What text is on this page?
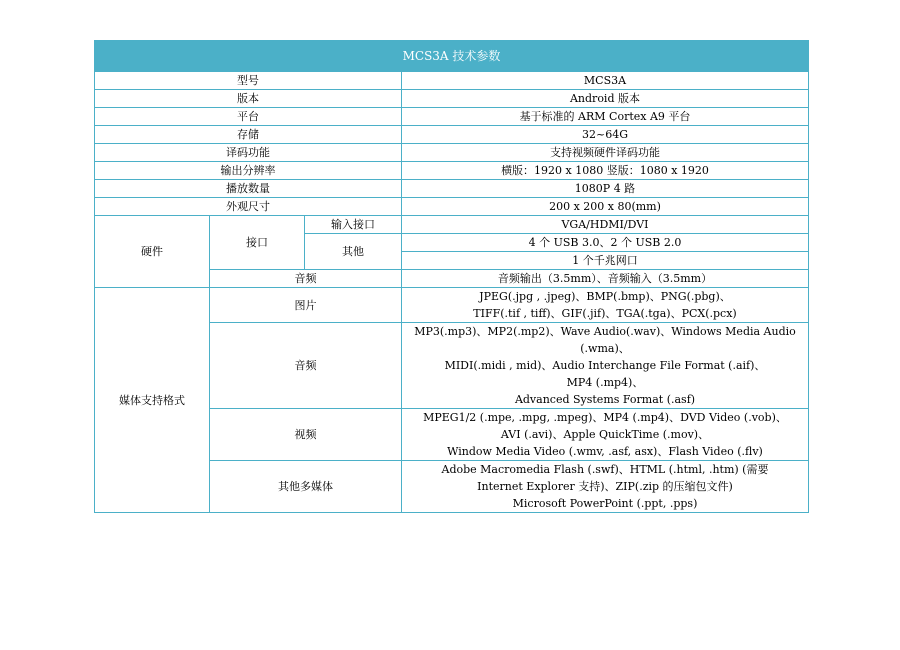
MCS3A 技术参数			
型号			MCS3A
版本			Android 版本
平台			基于标准的 ARM Cortex A9 平台
存储			32~64G
译码功能			支持视频硬件译码功能
输出分辨率			横版：1920 x 1080 竖版：1080 x 1920
播放数量			1080P 4 路
外观尺寸			200 x 200 x 80(mm)
硬件	接口	输入接口	VGA/HDMI/DVI
		其他	4 个 USB 3.0、2 个 USB 2.0
			1 个千兆网口
	音频		音频输出（3.5mm）、音频输入（3.5mm）
媒体支持格式	图片		JPEG(.jpg , .jpeg)、BMP(.bmp)、PNG(.pbg)、
TIFF(.tif , tiff)、GIF(.jif)、TGA(.tga)、PCX(.pcx)

	音频		MP3(.mp3)、MP2(.mp2)、Wave Audio(.wav)、Windows Media Audio
(.wma)、
MIDI(.midi , mid)、Audio Interchange File Format (.aif)、
MP4 (.mp4)、
Advanced Systems Format (.asf)

	视频		MPEG1/2 (.mpe, .mpg, .mpeg)、MP4 (.mp4)、DVD Video (.vob)、
AVI (.avi)、Apple QuickTime (.mov)、
Window Media Video (.wmv, .asf, asx)、Flash Video (.flv)

	其他多媒体		Adobe Macromedia Flash (.swf)、HTML (.html, .htm) (需要
Internet Explorer 支持)、ZIP(.zip 的压缩包文件)
Microsoft PowerPoint (.ppt, .pps)
